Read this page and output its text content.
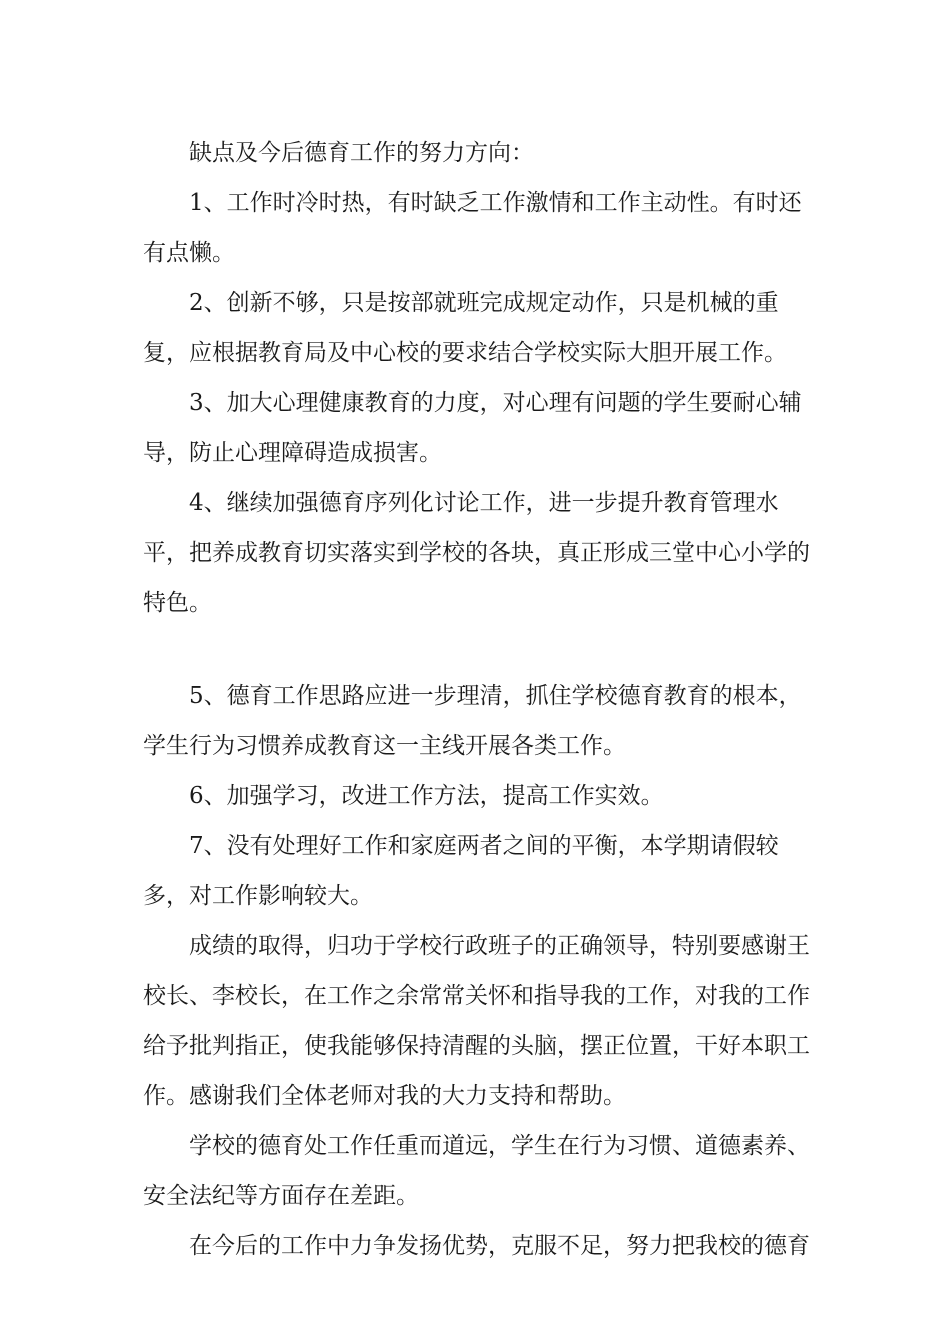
缺点及今后德育工作的努力方向：

1、工作时冷时热，有时缺乏工作激情和工作主动性。有时还有点懒。

2、创新不够，只是按部就班完成规定动作，只是机械的重复，应根据教育局及中心校的要求结合学校实际大胆开展工作。

3、加大心理健康教育的力度，对心理有问题的学生要耐心辅导，防止心理障碍造成损害。

4、继续加强德育序列化讨论工作，进一步提升教育管理水平，把养成教育切实落实到学校的各块，真正形成三堂中心小学的特色。

5、德育工作思路应进一步理清，抓住学校德育教育的根本，学生行为习惯养成教育这一主线开展各类工作。

6、加强学习，改进工作方法，提高工作实效。

7、没有处理好工作和家庭两者之间的平衡，本学期请假较多，对工作影响较大。

成绩的取得，归功于学校行政班子的正确领导，特别要感谢王校长、李校长，在工作之余常常关怀和指导我的工作，对我的工作给予批判指正，使我能够保持清醒的头脑，摆正位置，干好本职工作。感谢我们全体老师对我的大力支持和帮助。

学校的德育处工作任重而道远，学生在行为习惯、道德素养、安全法纪等方面存在差距。

在今后的工作中力争发扬优势，克服不足，努力把我校的德育
